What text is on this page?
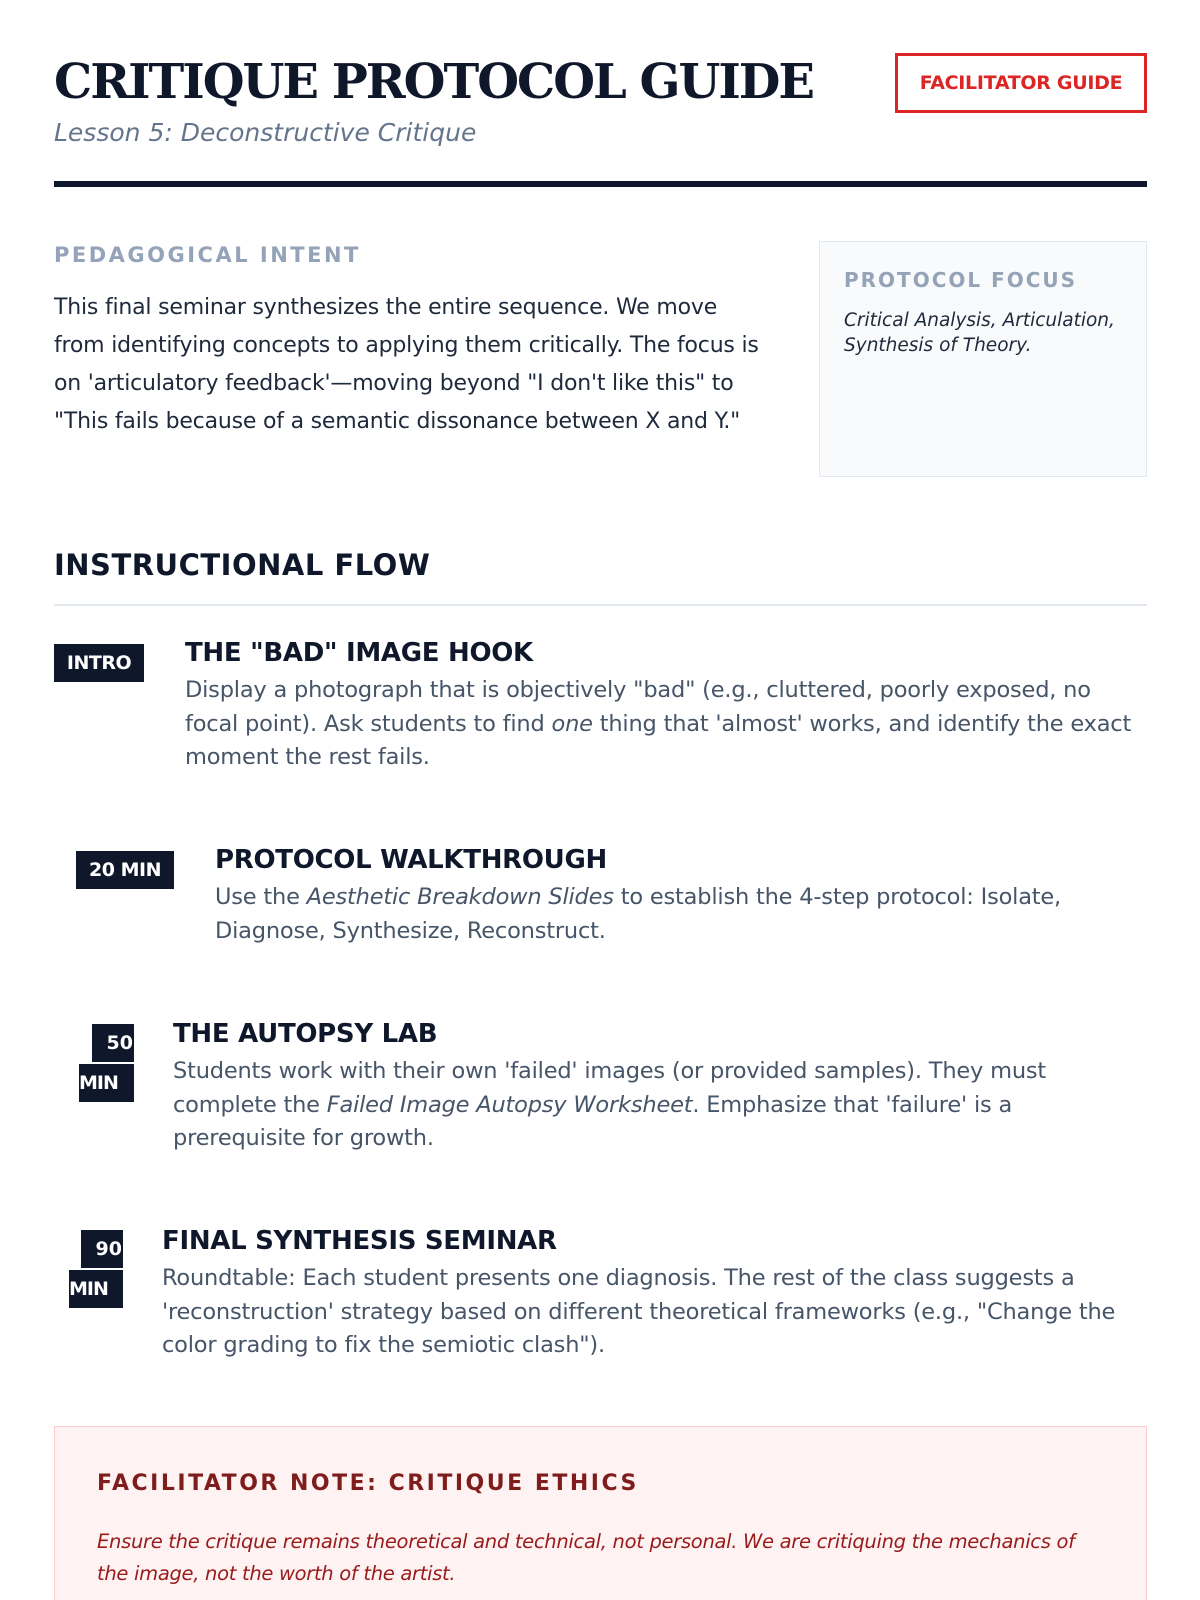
CRITIQUE PROTOCOL GUIDE
Lesson 5: Deconstructive Critique
FACILITATOR GUIDE
PEDAGOGICAL INTENT
This final seminar synthesizes the entire sequence. We move from identifying concepts to applying them critically. The focus is on 'articulatory feedback'—moving beyond "I don't like this" to "This fails because of a semantic dissonance between X and Y."
PROTOCOL FOCUS
Critical Analysis, Articulation, Synthesis of Theory.
INSTRUCTIONAL FLOW
INTRO	THE "BAD" IMAGE HOOK
Display a photograph that is objectively "bad" (e.g., cluttered, poorly exposed, no focal point). Ask students to find one thing that 'almost' works, and identify the exact moment the rest fails.
20 MIN	PROTOCOL WALKTHROUGH
Use the Aesthetic Breakdown Slides to establish the 4-step protocol: Isolate, Diagnose, Synthesize, Reconstruct.
50
MIN
THE AUTOPSY LAB
Students work with their own 'failed' images (or provided samples). They must complete the Failed Image Autopsy Worksheet. Emphasize that 'failure' is a prerequisite for growth.
90
MIN
FINAL SYNTHESIS SEMINAR
Roundtable: Each student presents one diagnosis. The rest of the class suggests a 'reconstruction' strategy based on different theoretical frameworks (e.g., "Change the color grading to fix the semiotic clash").
FACILITATOR NOTE: CRITIQUE ETHICS
Ensure the critique remains theoretical and technical, not personal. We are critiquing the mechanics of the image, not the worth of the artist.
